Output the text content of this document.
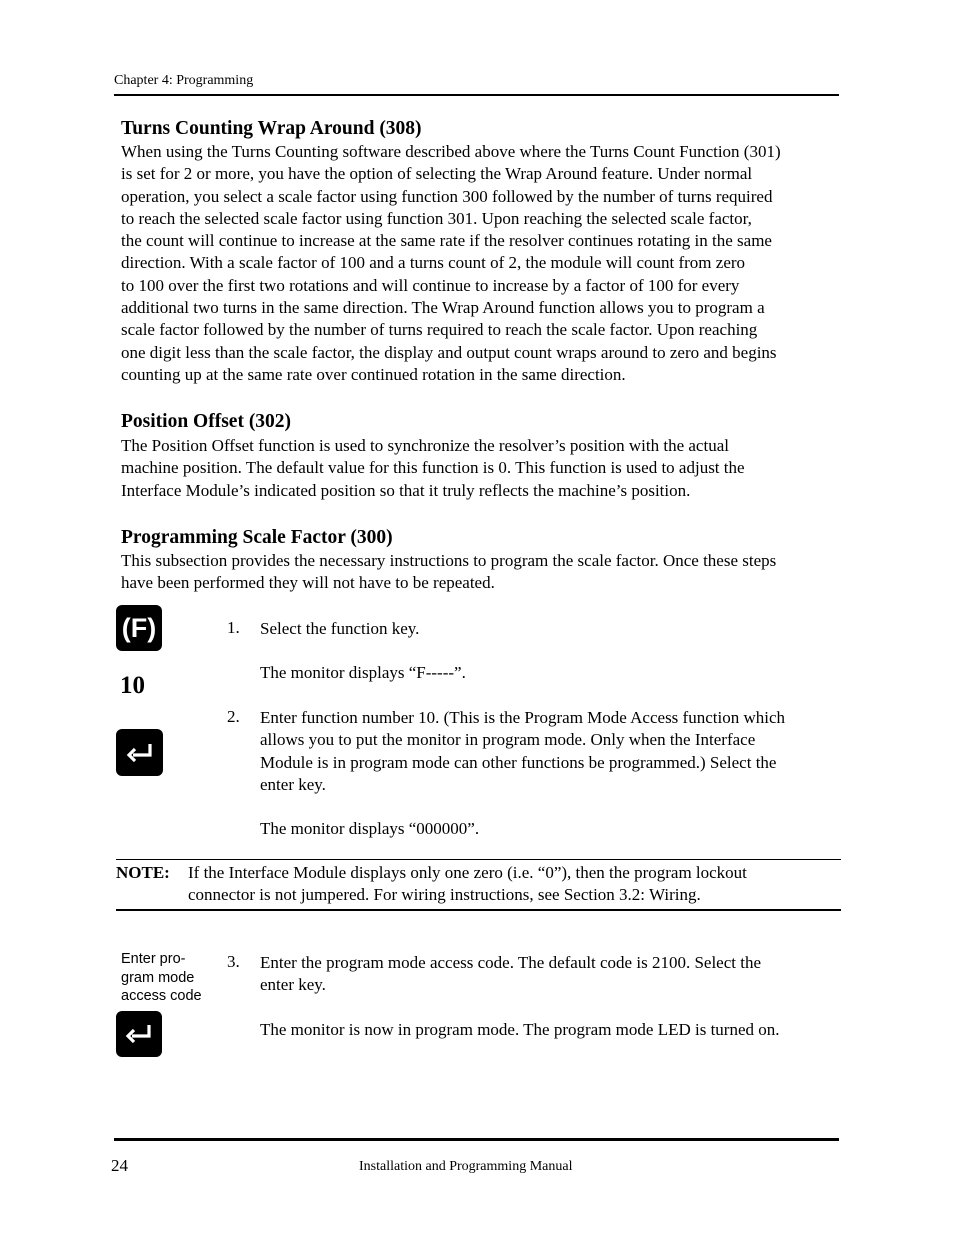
Chapter 4: Programming
Turns Counting Wrap Around (308)

When using the Turns Counting software described above where the Turns Count Function (301)

is set for 2 or more, you have the option of selecting the Wrap Around feature. Under normal

operation, you select a scale factor using function 300 followed by the number of turns required

to reach the selected scale factor using function 301. Upon reaching the selected scale factor,

the count will continue to increase at the same rate if the resolver continues rotating in the same

direction. With a scale factor of 100 and a turns count of 2, the module will count from zero

to 100 over the first two rotations and will continue to increase by a factor of 100 for every

additional two turns in the same direction. The Wrap Around function allows you to program a

scale factor followed by the number of turns required to reach the scale factor. Upon reaching

one digit less than the scale factor, the display and output count wraps around to zero and begins

counting up at the same rate over continued rotation in the same direction.

Position Offset (302)

The Position Offset function is used to synchronize the resolver’s position with the actual

machine position. The default value for this function is 0. This function is used to adjust the

Interface Module’s indicated position so that it truly reflects the machine’s position.

Programming Scale Factor (300)

This subsection provides the necessary instructions to program the scale factor. Once these steps

have been performed they will not have to be repeated.

(F)
10
1. Select the function key.
The monitor displays “F-----”.
2. Enter function number 10. (This is the Program Mode Access function which
allows you to put the monitor in program mode. Only when the Interface
Module is in program mode can other functions be programmed.) Select the
enter key.
The monitor displays “000000”.
NOTE: If the Interface Module displays only one zero (i.e. “0”), then the program lockout
connector is not jumpered. For wiring instructions, see Section 3.2: Wiring.
Enter pro-
gram mode
access code
3. Enter the program mode access code. The default code is 2100. Select the
enter key.
The monitor is now in program mode. The program mode LED is turned on.
24	Installation and Programming Manual
